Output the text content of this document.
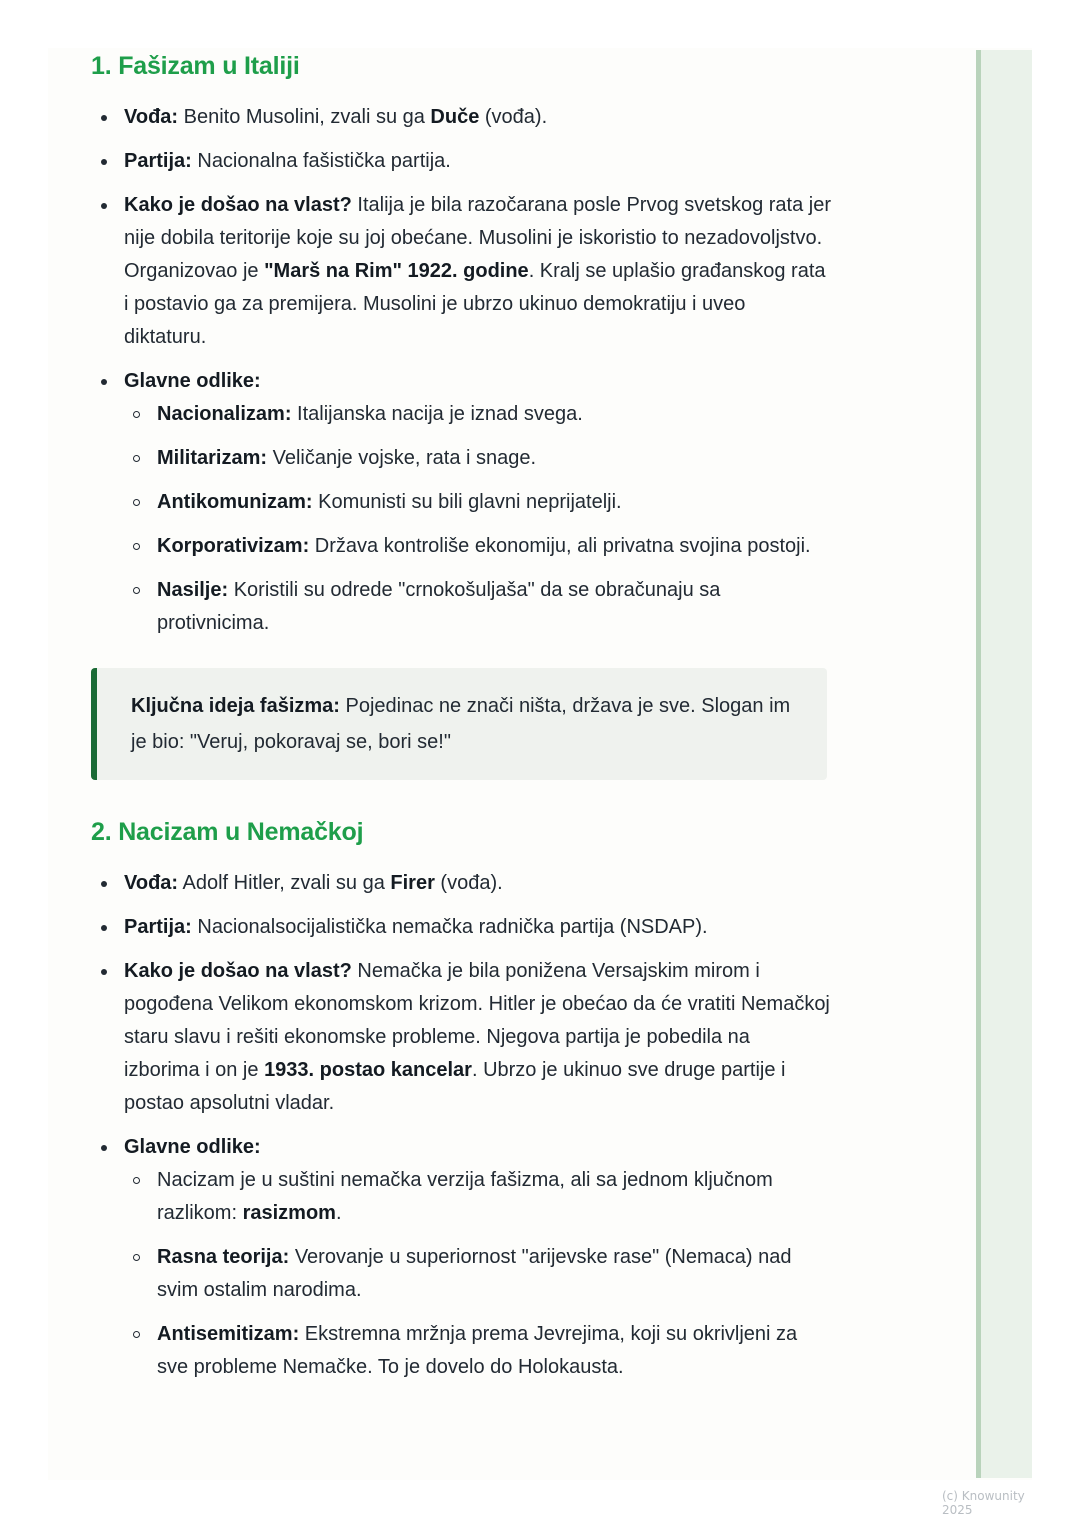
1. Fašizam u Italiji
Vođa: Benito Musolini, zvali su ga Duče (vođa).
Partija: Nacionalna fašistička partija.
Kako je došao na vlast? Italija je bila razočarana posle Prvog svetskog rata jer nije dobila teritorije koje su joj obećane. Musolini je iskoristio to nezadovoljstvo. Organizovao je "Marš na Rim" 1922. godine. Kralj se uplašio građanskog rata i postavio ga za premijera. Musolini je ubrzo ukinuo demokratiju i uveo diktaturu.
Glavne odlike:
Nacionalizam: Italijanska nacija je iznad svega.
Militarizam: Veličanje vojske, rata i snage.
Antikomunizam: Komunisti su bili glavni neprijatelji.
Korporativizam: Država kontroliše ekonomiju, ali privatna svojina postoji.
Nasilje: Koristili su odrede "crnokošuljaša" da se obračunaju sa protivnicima.
Ključna ideja fašizma: Pojedinac ne znači ništa, država je sve. Slogan im je bio: "Veruj, pokoravaj se, bori se!"
2. Nacizam u Nemačkoj
Vođa: Adolf Hitler, zvali su ga Firer (vođa).
Partija: Nacionalsocijalistička nemačka radnička partija (NSDAP).
Kako je došao na vlast? Nemačka je bila ponižena Versajskim mirom i pogođena Velikom ekonomskom krizom. Hitler je obećao da će vratiti Nemačkoj staru slavu i rešiti ekonomske probleme. Njegova partija je pobedila na izborima i on je 1933. postao kancelar. Ubrzo je ukinuo sve druge partije i postao apsolutni vladar.
Glavne odlike:
Nacizam je u suštini nemačka verzija fašizma, ali sa jednom ključnom razlikom: rasizmom.
Rasna teorija: Verovanje u superiornost "arijevske rase" (Nemaca) nad svim ostalim narodima.
Antisemitizam: Ekstremna mržnja prema Jevrejima, koji su okrivljeni za sve probleme Nemačke. To je dovelo do Holokausta.
(c) Knowunity 2025
